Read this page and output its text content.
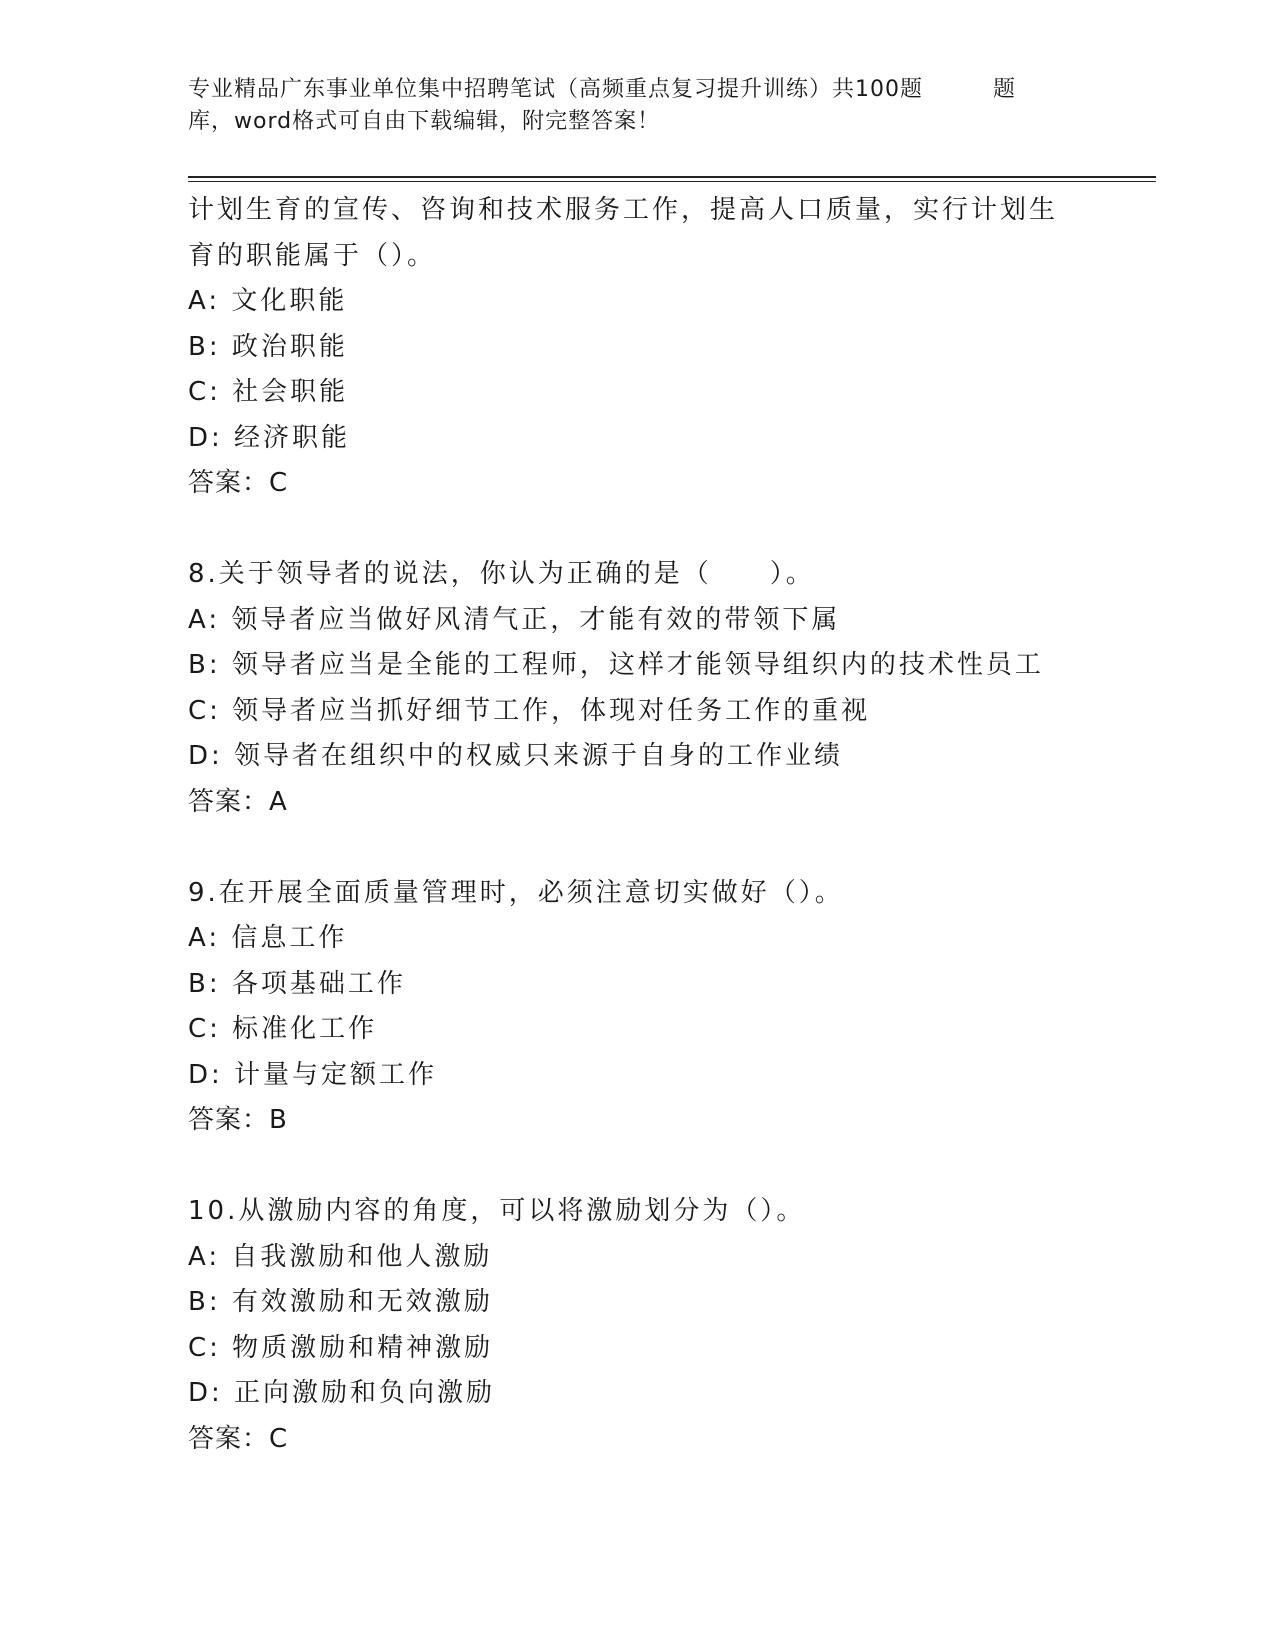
专业精品广东事业单位集中招聘笔试（高频重点复习提升训练）共100题	题
库，word格式可自由下载编辑，附完整答案！
计划生育的宣传、咨询和技术服务工作，提高人口质量，实行计划生
育的职能属于（）。
A: 文化职能
B: 政治职能
C: 社会职能
D: 经济职能
答案：C
8.关于领导者的说法，你认为正确的是（　　）。
A: 领导者应当做好风清气正，才能有效的带领下属
B: 领导者应当是全能的工程师，这样才能领导组织内的技术性员工
C: 领导者应当抓好细节工作，体现对任务工作的重视
D: 领导者在组织中的权威只来源于自身的工作业绩
答案：A
9.在开展全面质量管理时，必须注意切实做好（）。
A: 信息工作
B: 各项基础工作
C: 标准化工作
D: 计量与定额工作
答案：B
10.从激励内容的角度，可以将激励划分为（）。
A: 自我激励和他人激励
B: 有效激励和无效激励
C: 物质激励和精神激励
D: 正向激励和负向激励
答案：C
